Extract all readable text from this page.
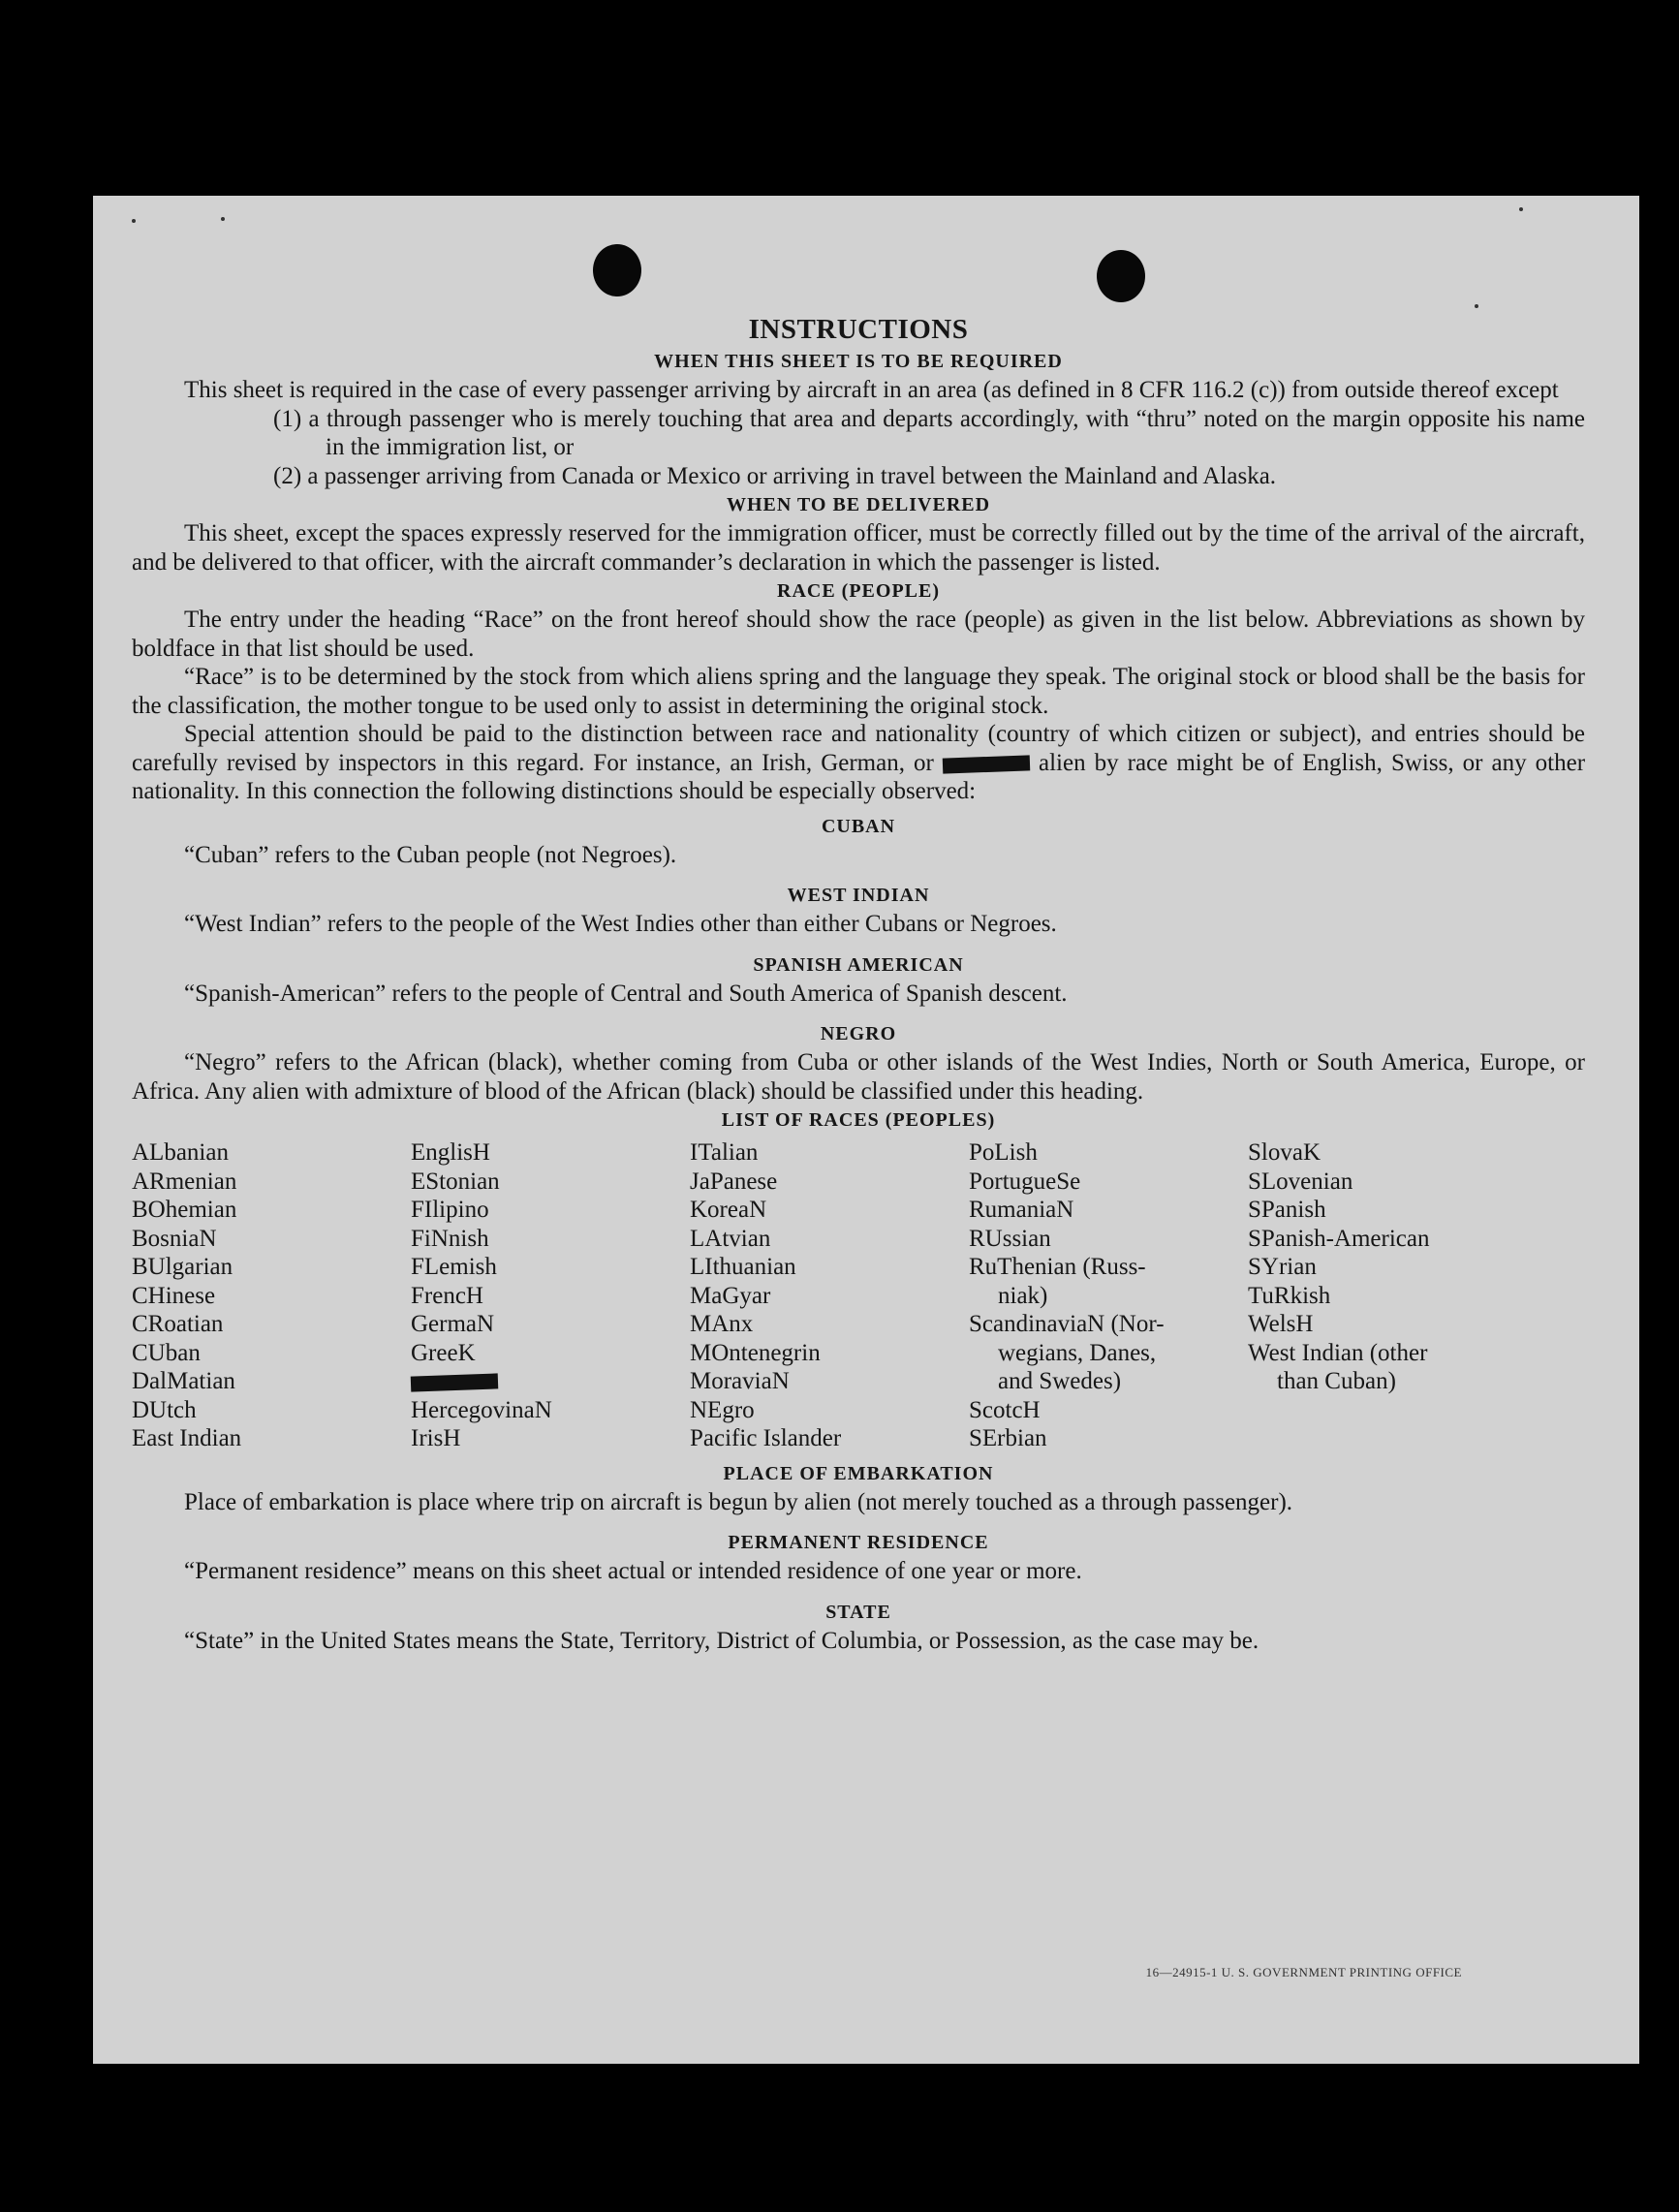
INSTRUCTIONS
WHEN THIS SHEET IS TO BE REQUIRED

This sheet is required in the case of every passenger arriving by aircraft in an area (as defined in 8 CFR 116.2 (c)) from outside thereof except

(1) a through passenger who is merely touching that area and departs accordingly, with “thru” noted on the margin opposite his name in the immigration list, or

(2) a passenger arriving from Canada or Mexico or arriving in travel between the Mainland and Alaska.

WHEN TO BE DELIVERED

This sheet, except the spaces expressly reserved for the immigration officer, must be correctly filled out by the time of the arrival of the aircraft, and be delivered to that officer, with the aircraft commander’s declaration in which the passenger is listed.

RACE (PEOPLE)

The entry under the heading “Race” on the front hereof should show the race (people) as given in the list below. Abbreviations as shown by boldface in that list should be used.

“Race” is to be determined by the stock from which aliens spring and the language they speak. The original stock or blood shall be the basis for the classification, the mother tongue to be used only to assist in determining the original stock.

Special attention should be paid to the distinction between race and nationality (country of which citizen or subject), and entries should be carefully revised by inspectors in this regard. For instance, an Irish, German, or	alien by race might be of English, Swiss, or any other nationality. In this connection the following distinctions should be especially observed:

CUBAN

“Cuban” refers to the Cuban people (not Negroes).

WEST INDIAN

“West Indian” refers to the people of the West Indies other than either Cubans or Negroes.

SPANISH AMERICAN

“Spanish-American” refers to the people of Central and South America of Spanish descent.

NEGRO

“Negro” refers to the African (black), whether coming from Cuba or other islands of the West Indies, North or South America, Europe, or Africa. Any alien with admixture of blood of the African (black) should be classified under this heading.

LIST OF RACES (PEOPLES)
ALbanian
ARmenian
BOhemian
BosniaN
BUlgarian
CHinese
CRoatian
CUban
DalMatian
DUtch
East Indian
EnglisH
EStonian
FIlipino
FiNnish
FLemish
FrencH
GermaN
GreeK
HercegovinaN
IrisH
ITalian
JaPanese
KoreaN
LAtvian
LIthuanian
MaGyar
MAnx
MOntenegrin
MoraviaN
NEgro
Pacific Islander
PoLish
PortugueSe
RumaniaN
RUssian
RuThenian (Russ-
niak)
ScandinaviaN (Nor-
wegians, Danes,
and Swedes)
ScotcH
SErbian
SlovaK
SLovenian
SPanish
SPanish-American
SYrian
TuRkish
WelsH
West Indian (other
than Cuban)
PLACE OF EMBARKATION

Place of embarkation is place where trip on aircraft is begun by alien (not merely touched as a through passenger).

PERMANENT RESIDENCE

“Permanent residence” means on this sheet actual or intended residence of one year or more.

STATE

“State” in the United States means the State, Territory, District of Columbia, or Possession, as the case may be.

16—24915-1 U. S. GOVERNMENT PRINTING OFFICE
